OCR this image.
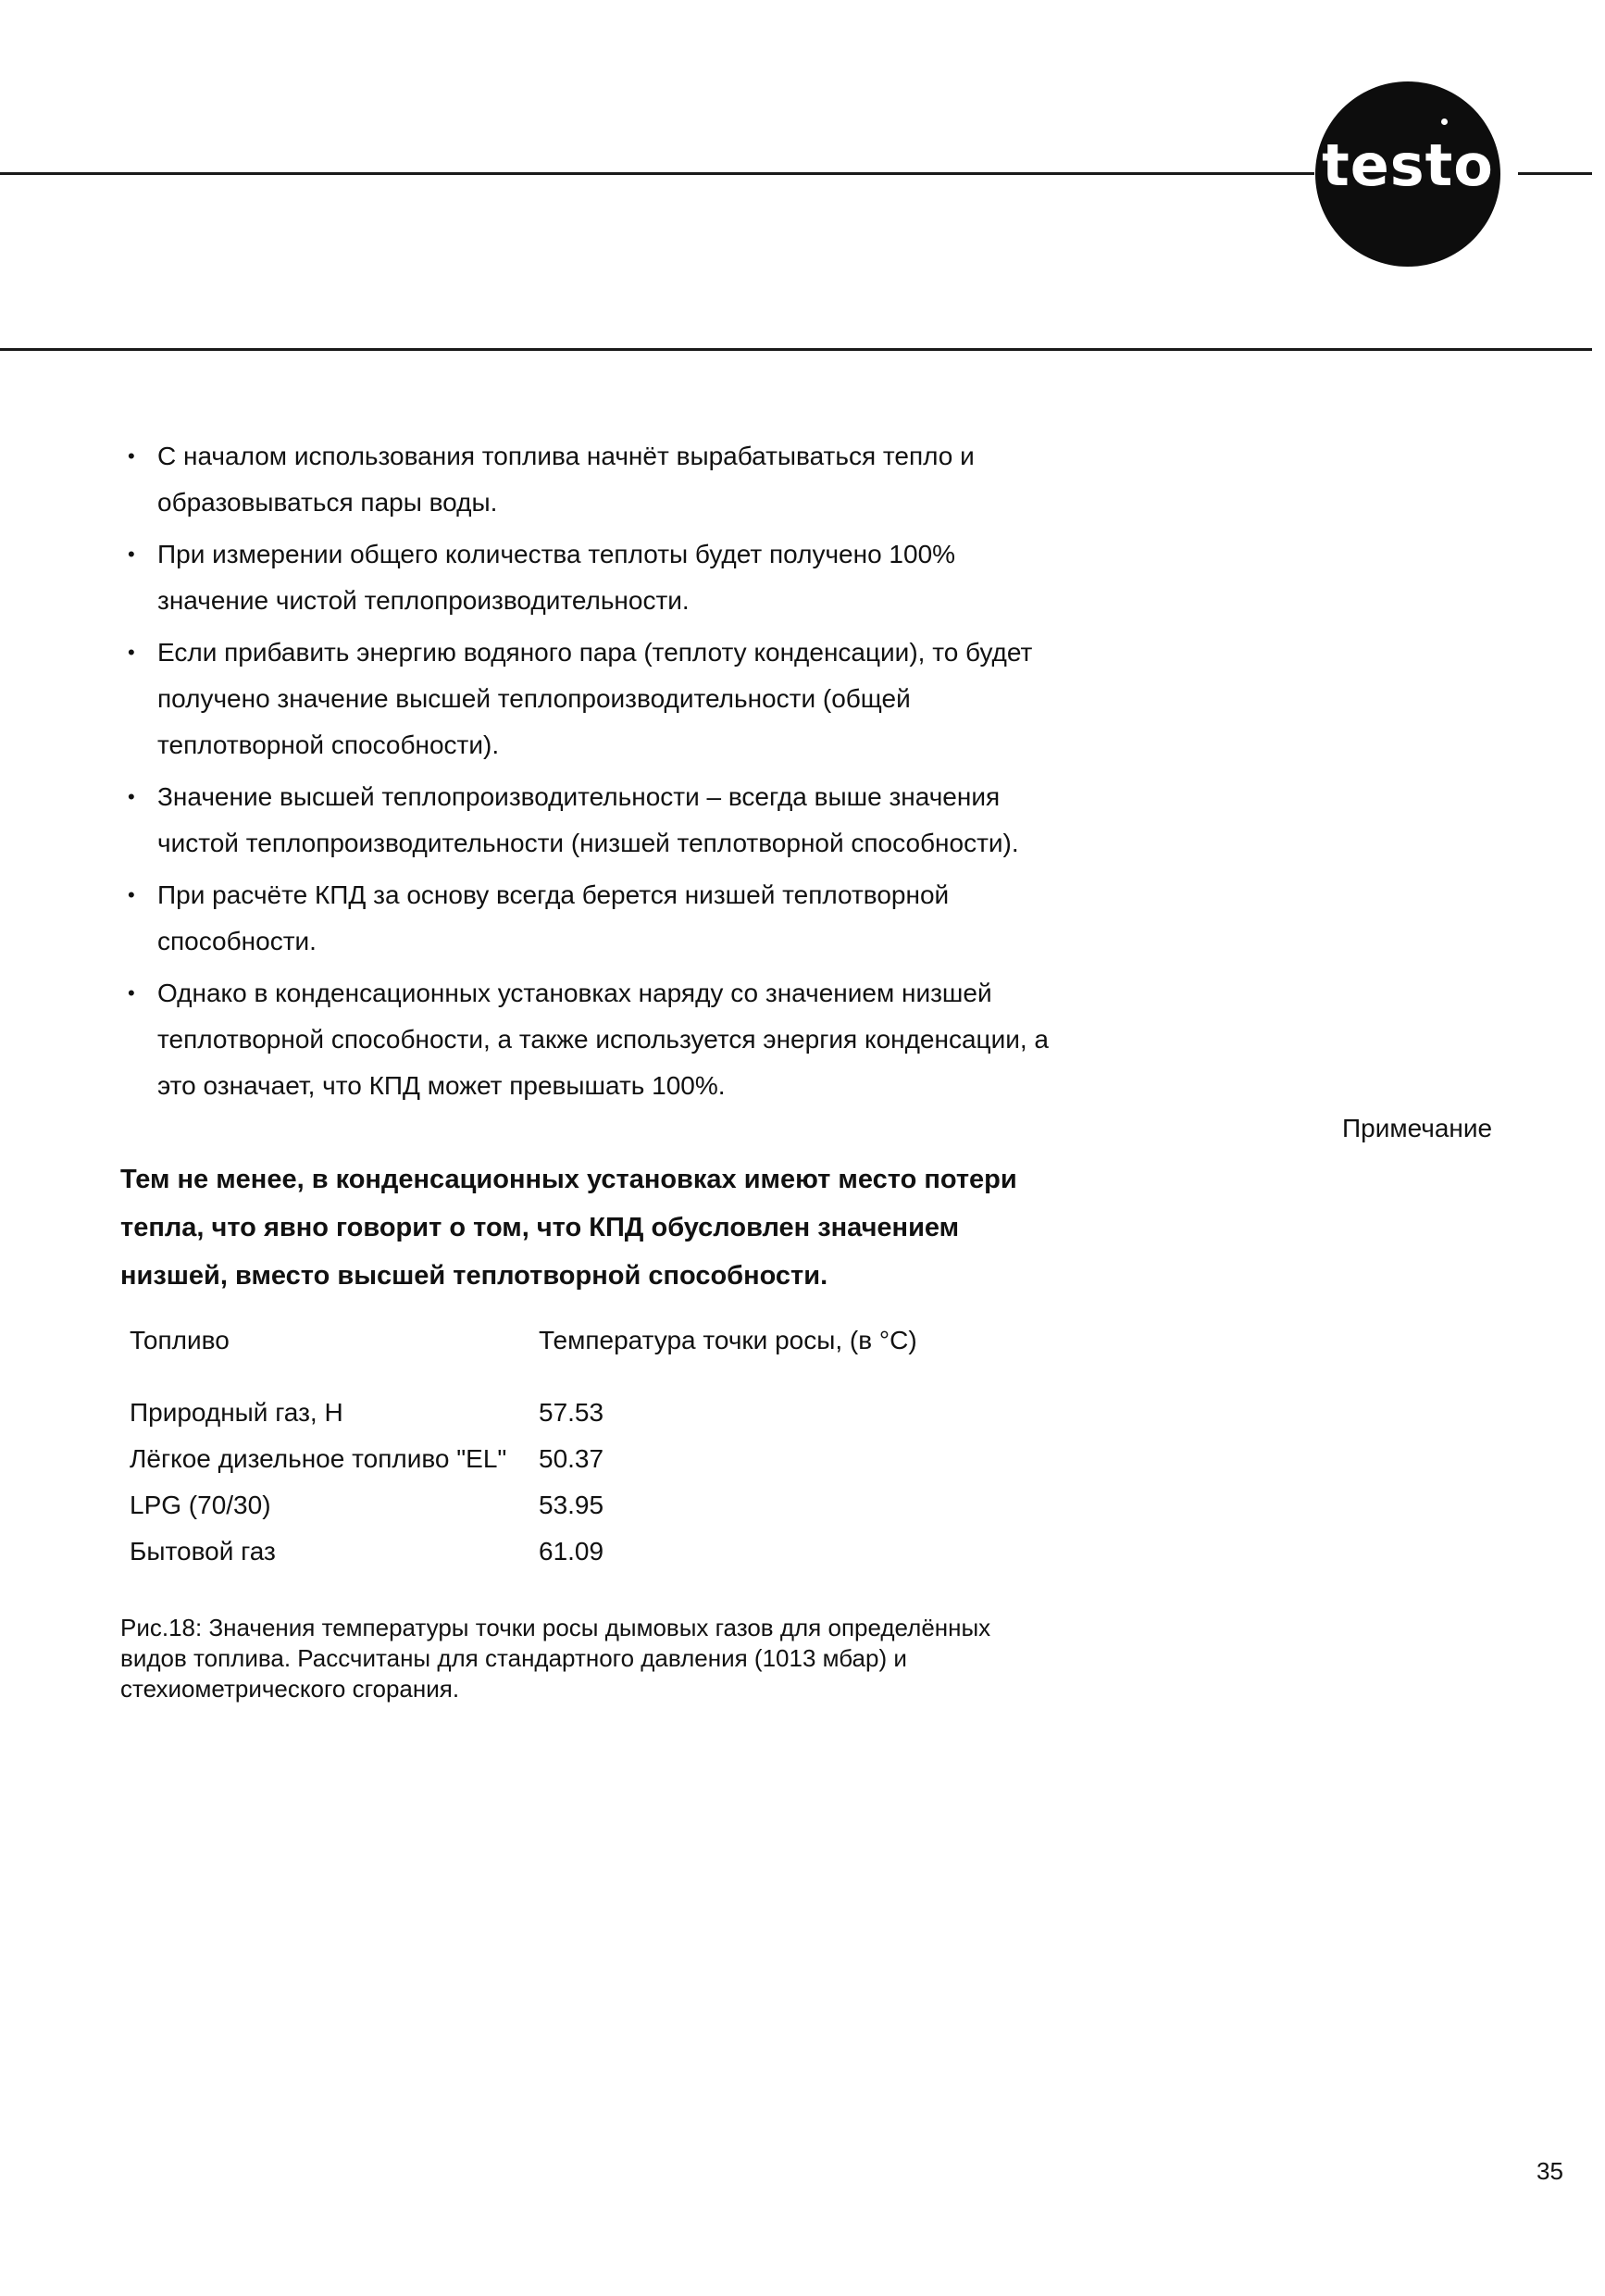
testo
• С началом использования топлива начнёт вырабатываться тепло и образовываться пары воды.
• При измерении общего количества теплоты будет получено 100% значение чистой теплопроизводительности.
• Если прибавить энергию водяного пара (теплоту конденсации), то будет получено значение высшей теплопроизводительности (общей теплотворной способности).
• Значение высшей теплопроизводительности – всегда выше значения чистой теплопроизводительности (низшей теплотворной способности).
• При расчёте КПД за основу всегда берется низшей теплотворной способности.
• Однако в конденсационных установках наряду со значением низшей теплотворной способности, а также используется энергия конденсации, а это означает, что КПД может превышать 100%.
Примечание
Тем не менее, в конденсационных установках имеют место потери тепла, что явно говорит о том, что КПД обусловлен значением низшей, вместо высшей теплотворной способности.
Топливо	Температура точки росы, (в °C)
Природный газ, H	57.53
Лёгкое дизельное топливо "EL"	50.37
LPG (70/30)	53.95
Бытовой газ	61.09
Рис.18: Значения температуры точки росы дымовых газов для определённых видов топлива. Рассчитаны для стандартного давления (1013 мбар) и стехиометрического сгорания.
35
